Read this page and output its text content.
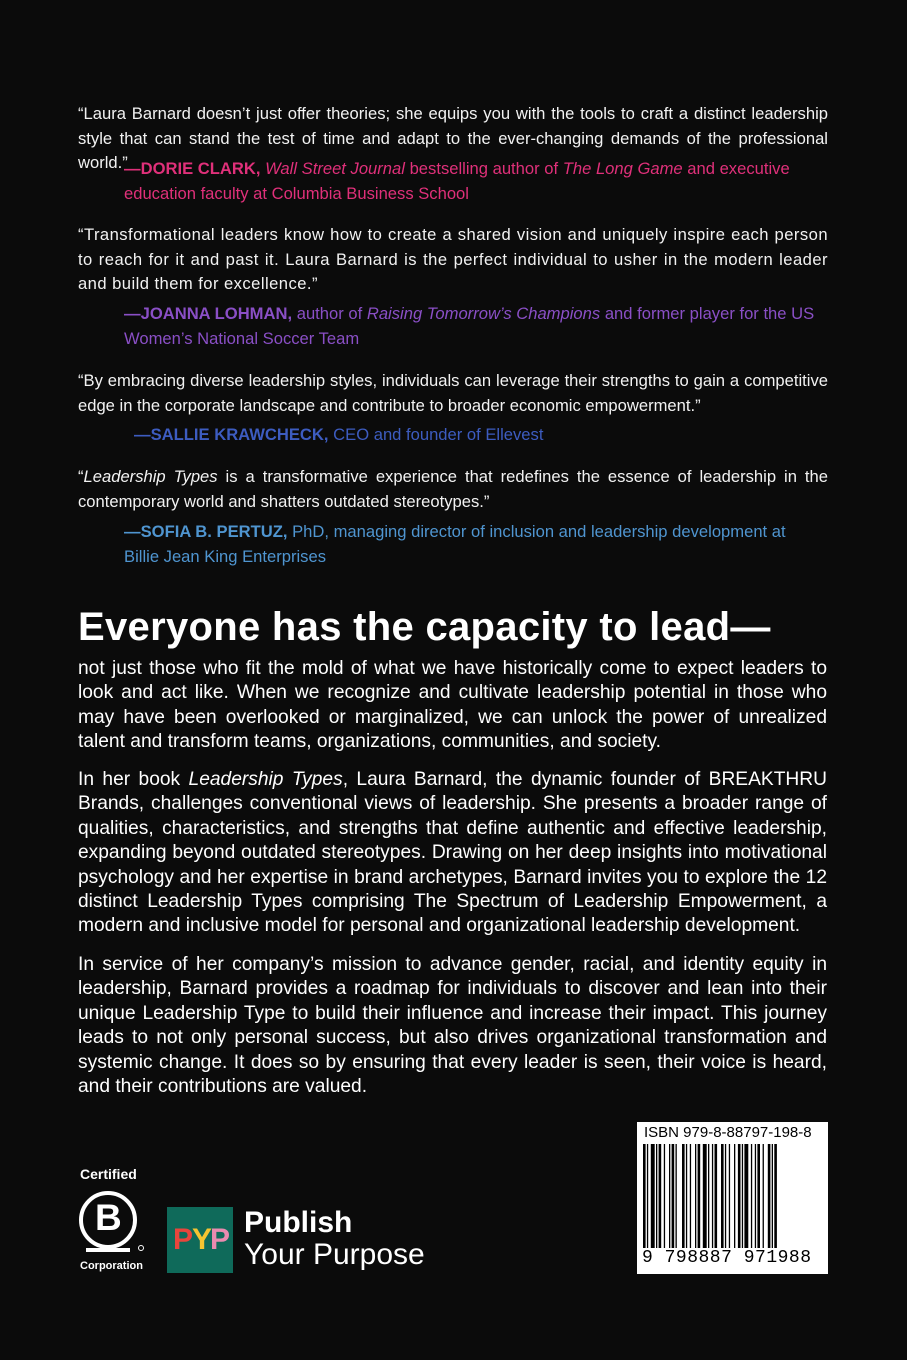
“Laura Barnard doesn’t just offer theories; she equips you with the tools to craft a distinct leadership style that can stand the test of time and adapt to the ever-changing demands of the professional world.”
—DORIE CLARK, Wall Street Journal bestselling author of The Long Game and executive education faculty at Columbia Business School
“Transformational leaders know how to create a shared vision and uniquely inspire each person to reach for it and past it. Laura Barnard is the perfect individual to usher in the modern leader and build them for excellence.”
—JOANNA LOHMAN, author of Raising Tomorrow’s Champions and former player for the US Women’s National Soccer Team
“By embracing diverse leadership styles, individuals can leverage their strengths to gain a competitive edge in the corporate landscape and contribute to broader economic empowerment.”
—SALLIE KRAWCHECK, CEO and founder of Ellevest
“Leadership Types is a transformative experience that redefines the essence of leadership in the contemporary world and shatters outdated stereotypes.”
—SOFIA B. PERTUZ, PhD, managing director of inclusion and leadership development at Billie Jean King Enterprises
Everyone has the capacity to lead—
not just those who fit the mold of what we have historically come to expect leaders to look and act like. When we recognize and cultivate leadership potential in those who may have been overlooked or marginalized, we can unlock the power of unrealized talent and transform teams, organizations, communities, and society.
In her book Leadership Types, Laura Barnard, the dynamic founder of BREAKTHRU Brands, challenges conventional views of leadership. She presents a broader range of qualities, characteristics, and strengths that define authentic and effective leadership, expanding beyond outdated stereotypes. Drawing on her deep insights into motivational psychology and her expertise in brand archetypes, Barnard invites you to explore the 12 distinct Leadership Types comprising The Spectrum of Leadership Empowerment, a modern and inclusive model for personal and organizational leadership development.
In service of her company’s mission to advance gender, racial, and identity equity in leadership, Barnard provides a roadmap for individuals to discover and lean into their unique Leadership Type to build their influence and increase their impact. This journey leads to not only personal success, but also drives organizational transformation and systemic change. It does so by ensuring that every leader is seen, their voice is heard, and their contributions are valued.
Certified
B
Corporation
P
Y
P
Publish
Your Purpose
ISBN 979-8-88797-198-8
9 798887 971988
